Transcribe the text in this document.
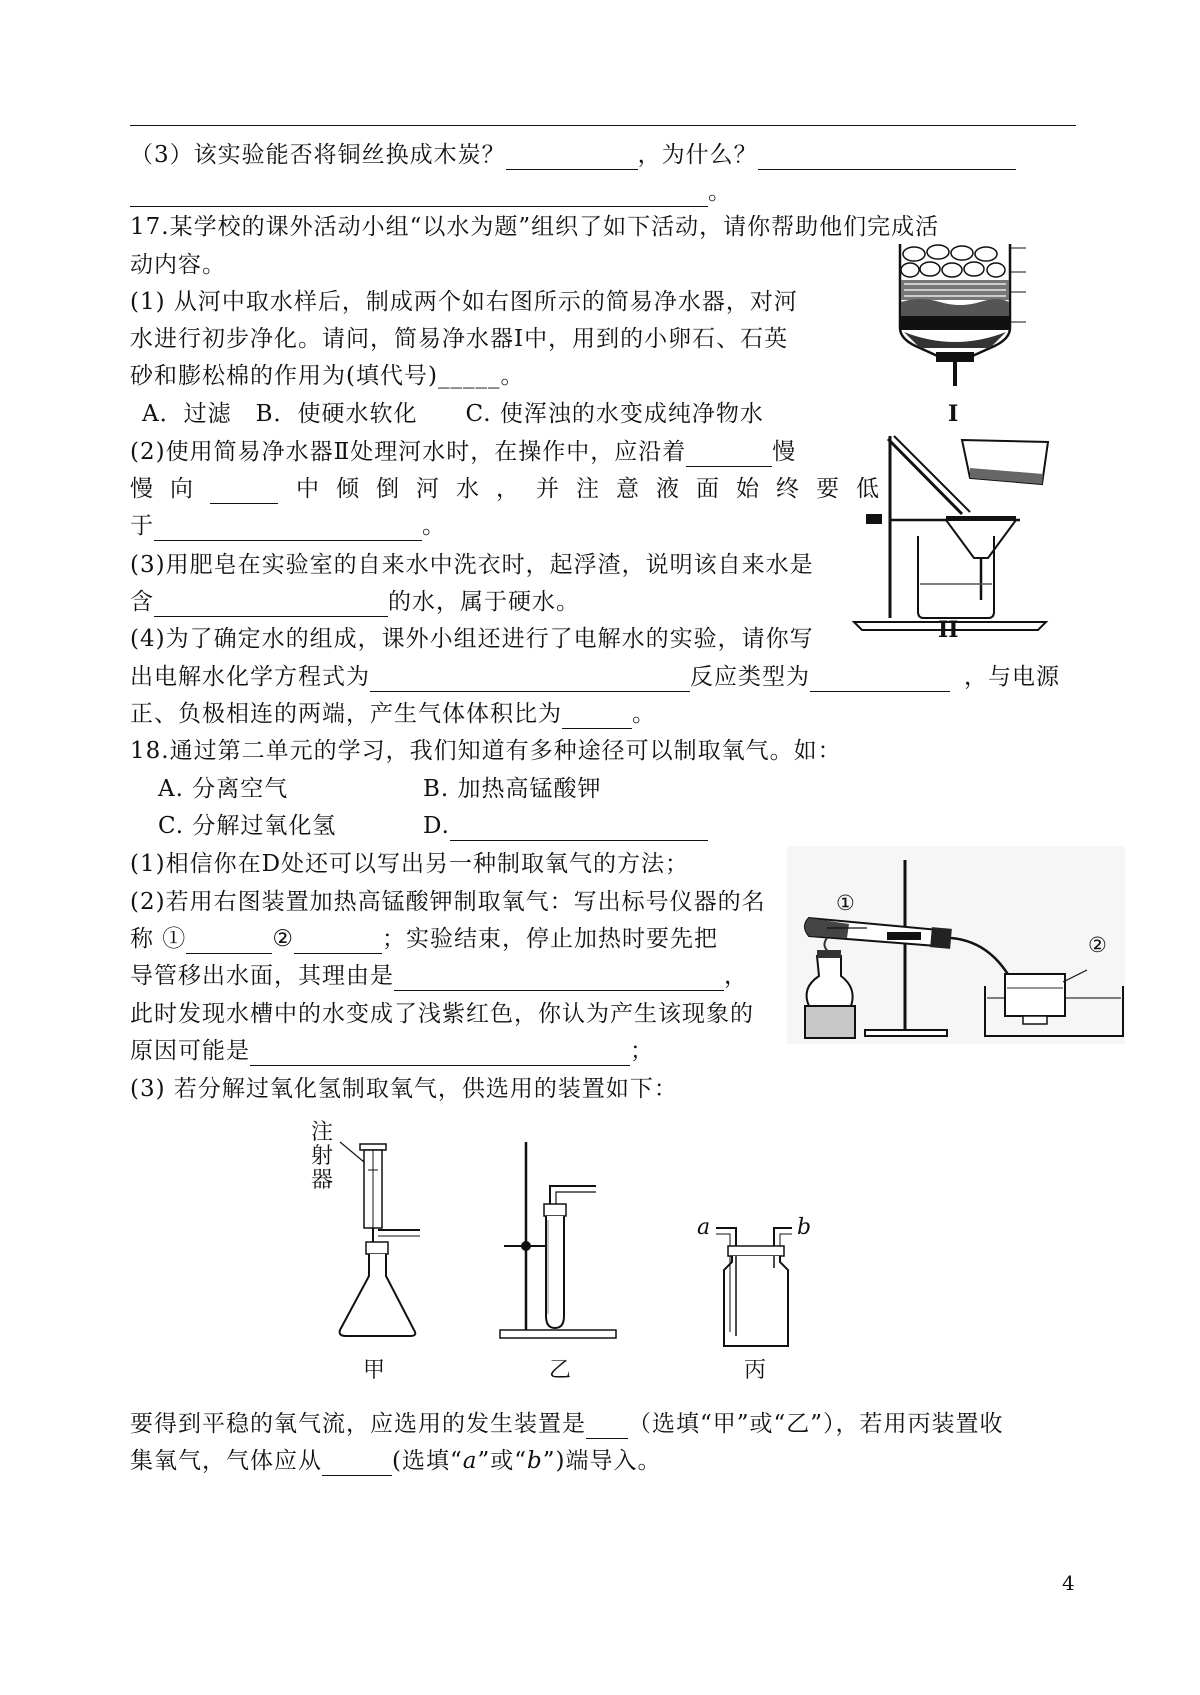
（3）该实验能否将铜丝换成木炭？	，为什么？
。
17.某学校的课外活动小组“以水为题”组织了如下活动，请你帮助他们完成活
动内容。
(1) 从河中取水样后，制成两个如右图所示的简易净水器，对河
水进行初步净化。请问，简易净水器I中，用到的小卵石、石英
砂和膨松棉的作用为(填代号)_____。
A．过滤　B．使硬水软化　　C. 使浑浊的水变成纯净物水
(2)使用简易净水器Ⅱ处理河水时，在操作中，应沿着	慢
慢向	中倾倒河水，并注意液面始终要低
于	。
(3)用肥皂在实验室的自来水中洗衣时，起浮渣，说明该自来水是
含	的水，属于硬水。
(4)为了确定水的组成，课外小组还进行了电解水的实验，请你写
出电解水化学方程式为	反应类型为	，与电源
正、负极相连的两端，产生气体体积比为	。
I
II
18.通过第二单元的学习，我们知道有多种途径可以制取氧气。如：
A. 分离空气	B. 加热高锰酸钾
C. 分解过氧化氢	D.
(1)相信你在D处还可以写出另一种制取氧气的方法；
(2)若用右图装置加热高锰酸钾制取氧气：写出标号仪器的名
称 ①	②	；实验结束，停止加热时要先把
导管移出水面，其理由是	，
此时发现水槽中的水变成了浅紫红色，你认为产生该现象的
原因可能是	；
①
②
(3) 若分解过氧化氢制取氧气，供选用的装置如下：
注
射
器
甲	乙
a	b
丙
要得到平稳的氧气流，应选用的发生装置是 （选填“甲”或“乙”），若用丙装置收
集氧气，气体应从	(选填“a”或“b”)端导入。
4
